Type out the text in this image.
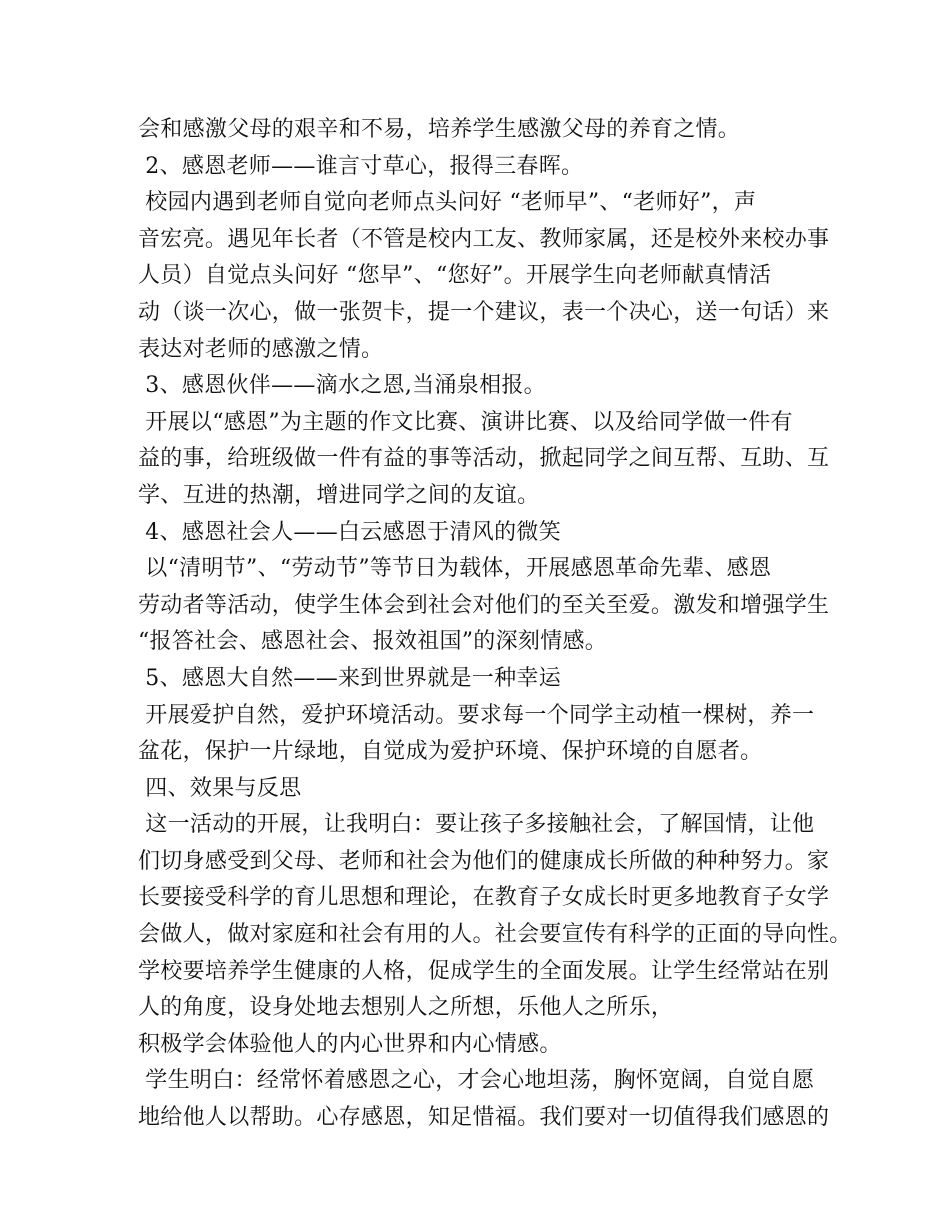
会和感激父母的艰辛和不易，培养学生感激父母的养育之情。
2、感恩老师——谁言寸草心，报得三春晖。
校园内遇到老师自觉向老师点头问好 “老师早”、“老师好”，声
音宏亮。遇见年长者（不管是校内工友、教师家属，还是校外来校办事
人员）自觉点头问好 “您早”、“您好”。开展学生向老师献真情活
动（谈一次心，做一张贺卡，提一个建议，表一个决心，送一句话）来
表达对老师的感激之情。
3、感恩伙伴——滴水之恩,当涌泉相报。
开展以“感恩”为主题的作文比赛、演讲比赛、以及给同学做一件有
益的事，给班级做一件有益的事等活动，掀起同学之间互帮、互助、互
学、互进的热潮，增进同学之间的友谊。
4、感恩社会人——白云感恩于清风的微笑
以“清明节”、“劳动节”等节日为载体，开展感恩革命先辈、感恩
劳动者等活动，使学生体会到社会对他们的至关至爱。激发和增强学生
“报答社会、感恩社会、报效祖国”的深刻情感。
5、感恩大自然——来到世界就是一种幸运
开展爱护自然，爱护环境活动。要求每一个同学主动植一棵树，养一
盆花，保护一片绿地，自觉成为爱护环境、保护环境的自愿者。
四、效果与反思
这一活动的开展，让我明白：要让孩子多接触社会，了解国情，让他
们切身感受到父母、老师和社会为他们的健康成长所做的种种努力。家
长要接受科学的育儿思想和理论，在教育子女成长时更多地教育子女学
会做人，做对家庭和社会有用的人。社会要宣传有科学的正面的导向性。
学校要培养学生健康的人格，促成学生的全面发展。让学生经常站在别
人的角度，设身处地去想别人之所想，乐他人之所乐，
积极学会体验他人的内心世界和内心情感。
学生明白：经常怀着感恩之心，才会心地坦荡，胸怀宽阔，自觉自愿
地给他人以帮助。心存感恩，知足惜福。我们要对一切值得我们感恩的
